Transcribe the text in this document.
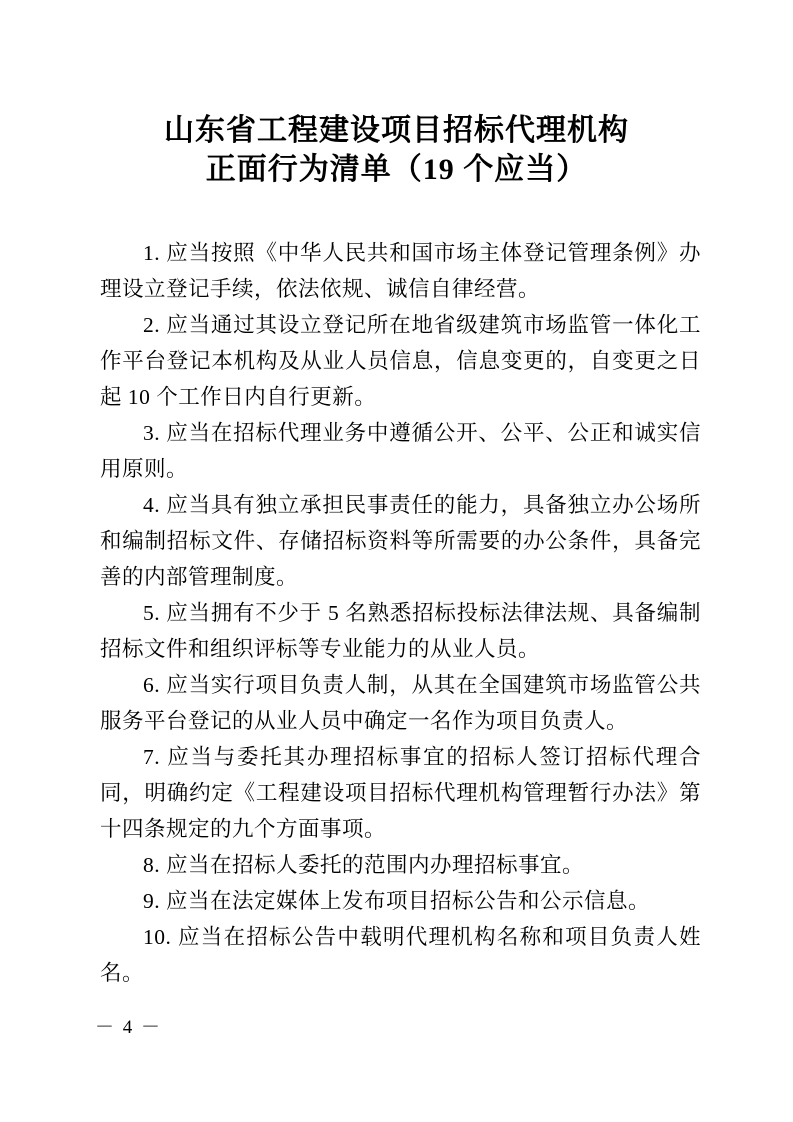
山东省工程建设项目招标代理机构
正面行为清单（19 个应当）

1. 应当按照《中华人民共和国市场主体登记管理条例》办理设立登记手续，依法依规、诚信自律经营。

2. 应当通过其设立登记所在地省级建筑市场监管一体化工作平台登记本机构及从业人员信息，信息变更的，自变更之日起 10 个工作日内自行更新。

3. 应当在招标代理业务中遵循公开、公平、公正和诚实信用原则。

4. 应当具有独立承担民事责任的能力，具备独立办公场所和编制招标文件、存储招标资料等所需要的办公条件，具备完善的内部管理制度。

5. 应当拥有不少于 5 名熟悉招标投标法律法规、具备编制招标文件和组织评标等专业能力的从业人员。

6. 应当实行项目负责人制，从其在全国建筑市场监管公共服务平台登记的从业人员中确定一名作为项目负责人。

7. 应当与委托其办理招标事宜的招标人签订招标代理合同，明确约定《工程建设项目招标代理机构管理暂行办法》第十四条规定的九个方面事项。

8. 应当在招标人委托的范围内办理招标事宜。

9. 应当在法定媒体上发布项目招标公告和公示信息。

10. 应当在招标公告中载明代理机构名称和项目负责人姓名。

－ 4 －
